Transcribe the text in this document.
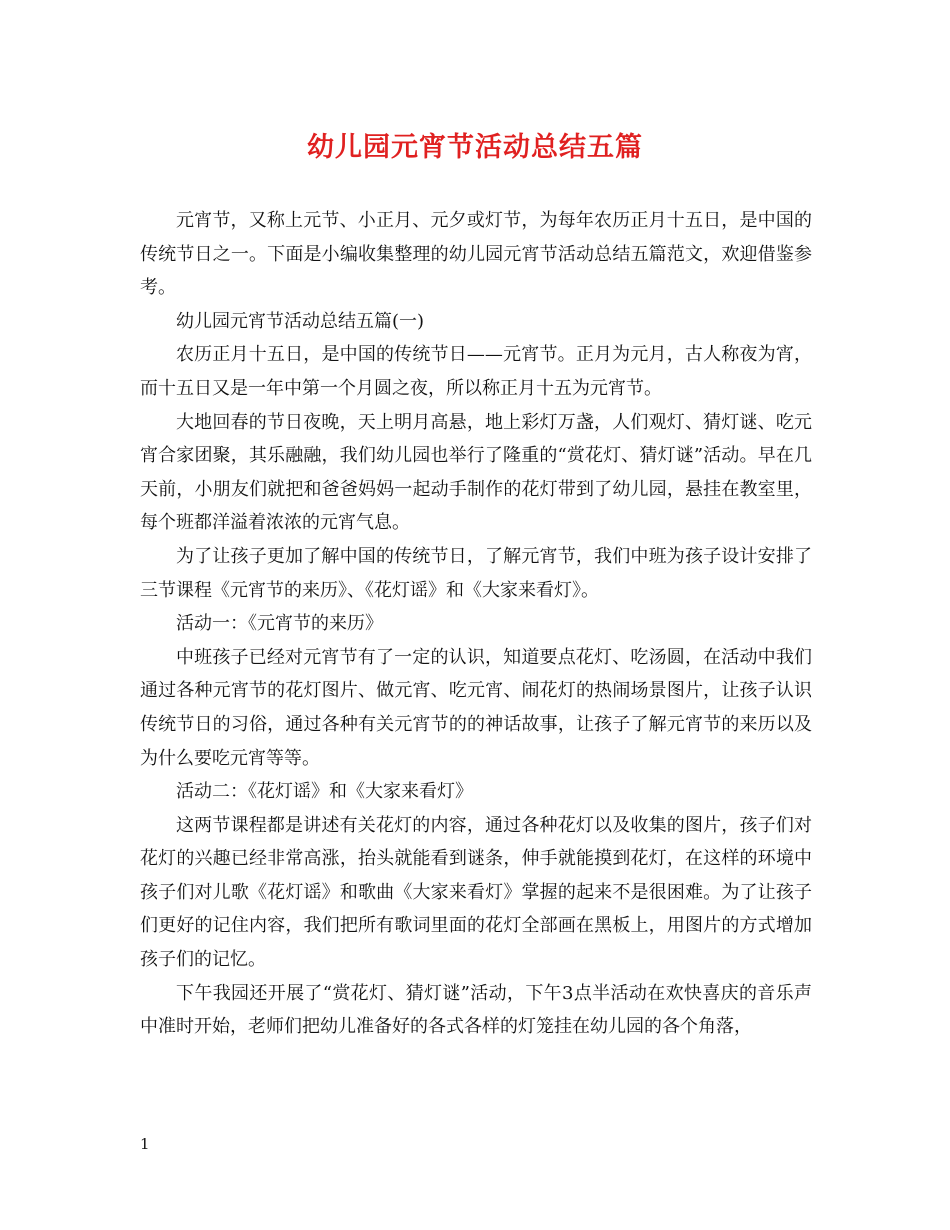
幼儿园元宵节活动总结五篇

元宵节，又称上元节、小正月、元夕或灯节，为每年农历正月十五日，是中国的传统节日之一。下面是小编收集整理的幼儿园元宵节活动总结五篇范文，欢迎借鉴参考。

幼儿园元宵节活动总结五篇(一)

农历正月十五日，是中国的传统节日——元宵节。正月为元月，古人称夜为宵，而十五日又是一年中第一个月圆之夜，所以称正月十五为元宵节。

大地回春的节日夜晚，天上明月高悬，地上彩灯万盏，人们观灯、猜灯谜、吃元宵合家团聚，其乐融融，我们幼儿园也举行了隆重的“赏花灯、猜灯谜”活动。早在几天前，小朋友们就把和爸爸妈妈一起动手制作的花灯带到了幼儿园，悬挂在教室里，每个班都洋溢着浓浓的元宵气息。

为了让孩子更加了解中国的传统节日，了解元宵节，我们中班为孩子设计安排了三节课程《元宵节的来历》、《花灯谣》和《大家来看灯》。

活动一：《元宵节的来历》

中班孩子已经对元宵节有了一定的认识，知道要点花灯、吃汤圆，在活动中我们通过各种元宵节的花灯图片、做元宵、吃元宵、闹花灯的热闹场景图片，让孩子认识传统节日的习俗，通过各种有关元宵节的的神话故事，让孩子了解元宵节的来历以及为什么要吃元宵等等。

活动二：《花灯谣》和《大家来看灯》

这两节课程都是讲述有关花灯的内容，通过各种花灯以及收集的图片，孩子们对花灯的兴趣已经非常高涨，抬头就能看到谜条，伸手就能摸到花灯，在这样的环境中孩子们对儿歌《花灯谣》和歌曲《大家来看灯》掌握的起来不是很困难。为了让孩子们更好的记住内容，我们把所有歌词里面的花灯全部画在黑板上，用图片的方式增加孩子们的记忆。

下午我园还开展了“赏花灯、猜灯谜”活动，下午3点半活动在欢快喜庆的音乐声中准时开始，老师们把幼儿准备好的各式各样的灯笼挂在幼儿园的各个角落，

1
